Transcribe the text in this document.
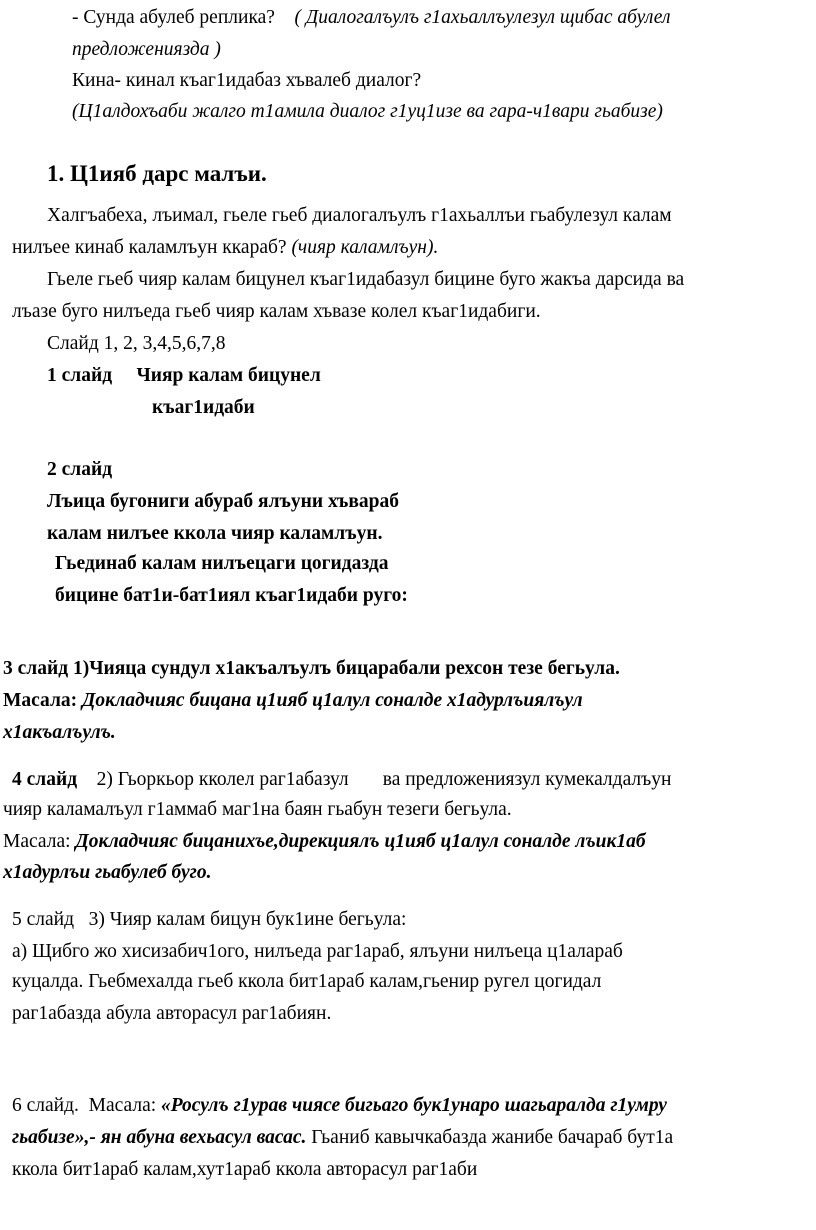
- Сунда абулеб реплика? ( Диалогалъулъ г1ахьаллъулезул щибас абулел
предложенияздa )
Кина- кинал къаг1идабаз хъвалеб диалог?
(Ц1алдохъаби жалго т1амила диалог г1уц1изе ва гара-ч1вари гьабизе)
1. Ц1ияб дарс малъи.
Халгъабеха, лъимал, гьеле гьеб диалогалъулъ г1ахьаллъи гьабулезул калам
нилъее кинаб каламлъун ккараб? (чияр каламлъун).
Гьеле гьеб чияр калам бицунел къаг1идабазул бицине буго жакъа дарсида ва
лъазе буго нилъеда гьеб чияр калам хъвазе колел къаг1идабиги.
Слайд 1, 2, 3,4,5,6,7,8
1 слайд Чияр калам бицунел
къаг1идаби
2 слайд
Лъица бугониги абураб ялъуни хъвараб
калам нилъее ккола чияр каламлъун.
Гьединаб калам нилъецаги цогидазда
бицине бат1и-бат1иял къаг1идаби руго:
3 слайд 1)Чияца сундул х1акъалъулъ бицарабали рехсон тезе бегьула.
Масала: Докладчияс бицана ц1ияб ц1алул соналде х1адурлъиялъул
х1акъалъулъ.
4 слайд 2) Гьоркьор кколел раг1абазул       ва предложениязул кумекалдалъун
чияр каламалъул г1аммаб маг1на баян гьабун тезеги бегьула.
Масала: Докладчияс бицанихъе,дирекциялъ ц1ияб ц1алул соналде лъик1аб
х1адурлъи гьабулеб буго.
5 слайд   3) Чияр калам бицун бук1ине бегьула:
а) Щибго жо хисизабич1ого, нилъеда раг1араб, ялъуни нилъеца ц1алараб
куцалда. Гьебмехалда гьеб ккола бит1араб калам,гьенир ругел цогидал
раг1абазда абула авторасул раг1абиян.
6 слайд.  Масала: «Росулъ г1урав чиясе бигьаго бук1унаро шагьаралда г1умру
гьабизе»,- ян абуна вехьасул васас. Гьаниб кавычкабазда жанибе бачараб бут1а
ккола бит1араб калам,хут1араб ккола авторасул раг1аби
